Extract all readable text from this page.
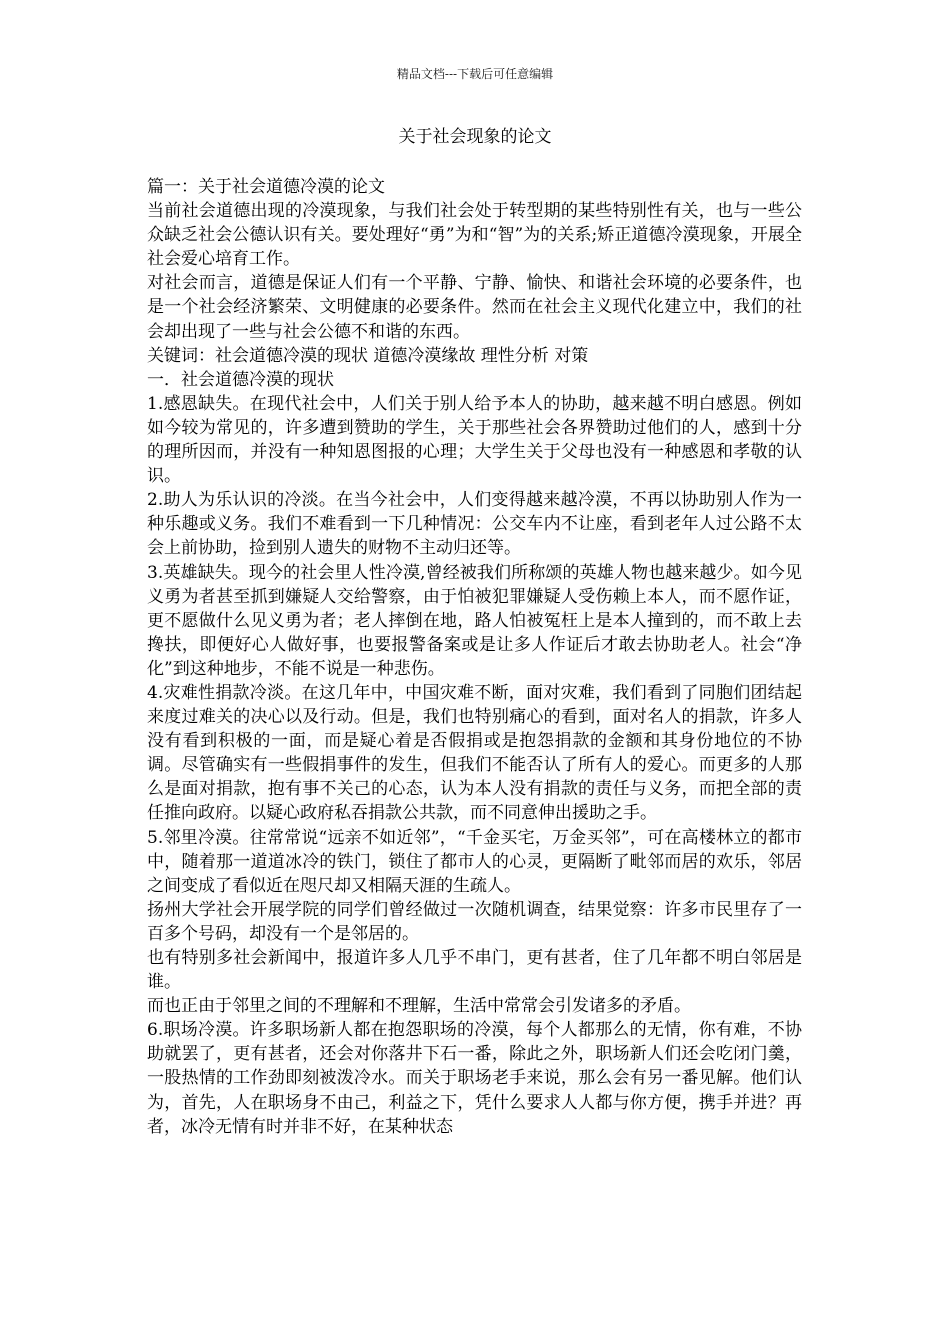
精品文档---下载后可任意编辑
关于社会现象的论文

篇一：关于社会道德冷漠的论文

当前社会道德出现的冷漠现象，与我们社会处于转型期的某些特别性有关，也与一些公众缺乏社会公德认识有关。要处理好“勇”为和“智”为的关系;矫正道德冷漠现象，开展全社会爱心培育工作。

对社会而言，道德是保证人们有一个平静、宁静、愉快、和谐社会环境的必要条件，也是一个社会经济繁荣、文明健康的必要条件。然而在社会主义现代化建立中，我们的社会却出现了一些与社会公德不和谐的东西。

关键词：社会道德冷漠的现状 道德冷漠缘故 理性分析 对策

一．社会道德冷漠的现状

1.感恩缺失。在现代社会中，人们关于别人给予本人的协助，越来越不明白感恩。例如如今较为常见的，许多遭到赞助的学生，关于那些社会各界赞助过他们的人，感到十分的理所因而，并没有一种知恩图报的心理；大学生关于父母也没有一种感恩和孝敬的认识。

2.助人为乐认识的冷淡。在当今社会中，人们变得越来越冷漠，不再以协助别人作为一种乐趣或义务。我们不难看到一下几种情况：公交车内不让座，看到老年人过公路不太会上前协助，捡到别人遗失的财物不主动归还等。

3.英雄缺失。现今的社会里人性冷漠,曾经被我们所称颂的英雄人物也越来越少。如今见义勇为者甚至抓到嫌疑人交给警察，由于怕被犯罪嫌疑人受伤赖上本人，而不愿作证，更不愿做什么见义勇为者；老人摔倒在地，路人怕被冤枉上是本人撞到的，而不敢上去搀扶，即便好心人做好事，也要报警备案或是让多人作证后才敢去协助老人。社会“净化”到这种地步，不能不说是一种悲伤。

4.灾难性捐款冷淡。在这几年中，中国灾难不断，面对灾难，我们看到了同胞们团结起来度过难关的决心以及行动。但是，我们也特别痛心的看到，面对名人的捐款，许多人没有看到积极的一面，而是疑心着是否假捐或是抱怨捐款的金额和其身份地位的不协调。尽管确实有一些假捐事件的发生，但我们不能否认了所有人的爱心。而更多的人那么是面对捐款，抱有事不关己的心态，认为本人没有捐款的责任与义务，而把全部的责任推向政府。以疑心政府私吞捐款公共款，而不同意伸出援助之手。

5.邻里冷漠。往常常说“远亲不如近邻”，“千金买宅，万金买邻”，可在高楼林立的都市中，随着那一道道冰冷的铁门，锁住了都市人的心灵，更隔断了毗邻而居的欢乐，邻居之间变成了看似近在咫尺却又相隔天涯的生疏人。

扬州大学社会开展学院的同学们曾经做过一次随机调查，结果觉察：许多市民里存了一百多个号码，却没有一个是邻居的。

也有特别多社会新闻中，报道许多人几乎不串门，更有甚者，住了几年都不明白邻居是谁。

而也正由于邻里之间的不理解和不理解，生活中常常会引发诸多的矛盾。

6.职场冷漠。许多职场新人都在抱怨职场的冷漠，每个人都那么的无情，你有难，不协助就罢了，更有甚者，还会对你落井下石一番，除此之外，职场新人们还会吃闭门羹，一股热情的工作劲即刻被泼冷水。而关于职场老手来说，那么会有另一番见解。他们认为，首先，人在职场身不由己，利益之下，凭什么要求人人都与你方便，携手并进？再者，冰冷无情有时并非不好，在某种状态
